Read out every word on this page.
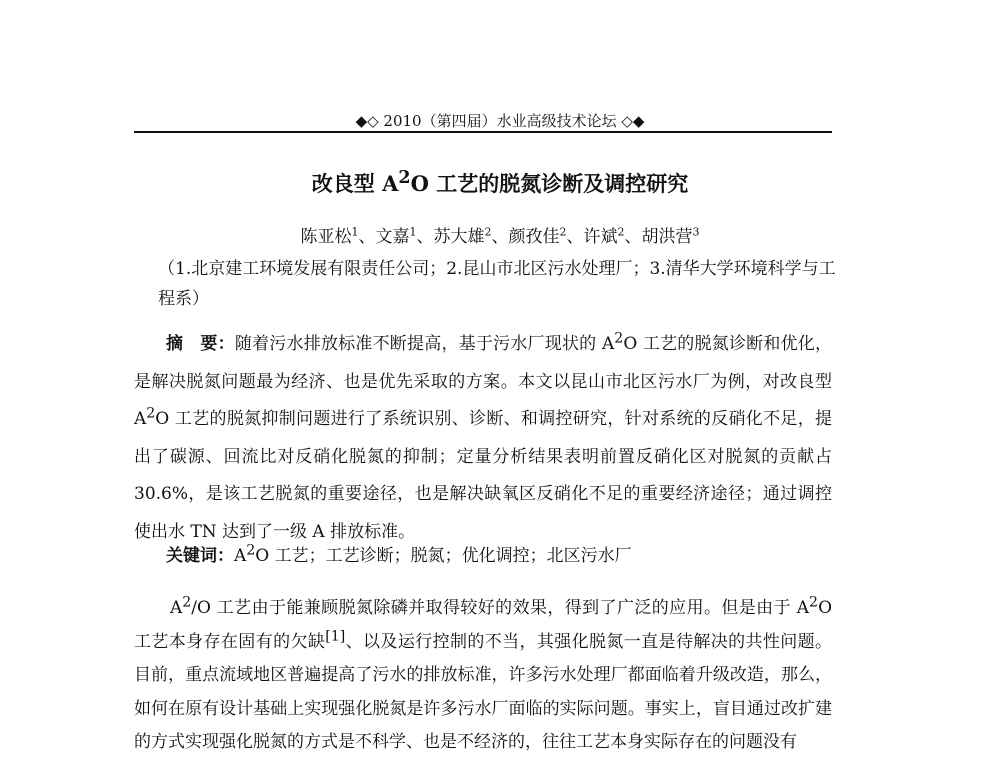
◆◇ 2010（第四届）水业高级技术论坛 ◇◆
改良型 $A^2O$ 工艺的脱氮诊断及调控研究
陈亚松$^1$、文嘉$^1$、苏大雄$^2$、颜孜佳$^2$、许斌$^2$、胡洪营$^3$
（1.北京建工环境发展有限责任公司；2.昆山市北区污水处理厂；3.清华大学环境科学与工程系）
摘　要：随着污水排放标准不断提高，基于污水厂现状的 $A^2O$ 工艺的脱氮诊断和优化，是解决脱氮问题最为经济、也是优先采取的方案。本文以昆山市北区污水厂为例，对改良型 $A^2O$ 工艺的脱氮抑制问题进行了系统识别、诊断、和调控研究，针对系统的反硝化不足，提出了碳源、回流比对反硝化脱氮的抑制；定量分析结果表明前置反硝化区对脱氮的贡献占 30.6%，是该工艺脱氮的重要途径，也是解决缺氧区反硝化不足的重要经济途径；通过调控使出水 TN 达到了一级 A 排放标准。
关键词：$A^2O$ 工艺；工艺诊断；脱氮；优化调控；北区污水厂
$A^2/O$ 工艺由于能兼顾脱氮除磷并取得较好的效果，得到了广泛的应用。但是由于 $A^2O$ 工艺本身存在固有的欠缺[1]、以及运行控制的不当，其强化脱氮一直是待解决的共性问题。目前，重点流域地区普遍提高了污水的排放标准，许多污水处理厂都面临着升级改造，那么，如何在原有设计基础上实现强化脱氮是许多污水厂面临的实际问题。事实上，盲目通过改扩建的方式实现强化脱氮的方式是不科学、也是不经济的，往往工艺本身实际存在的问题没有
